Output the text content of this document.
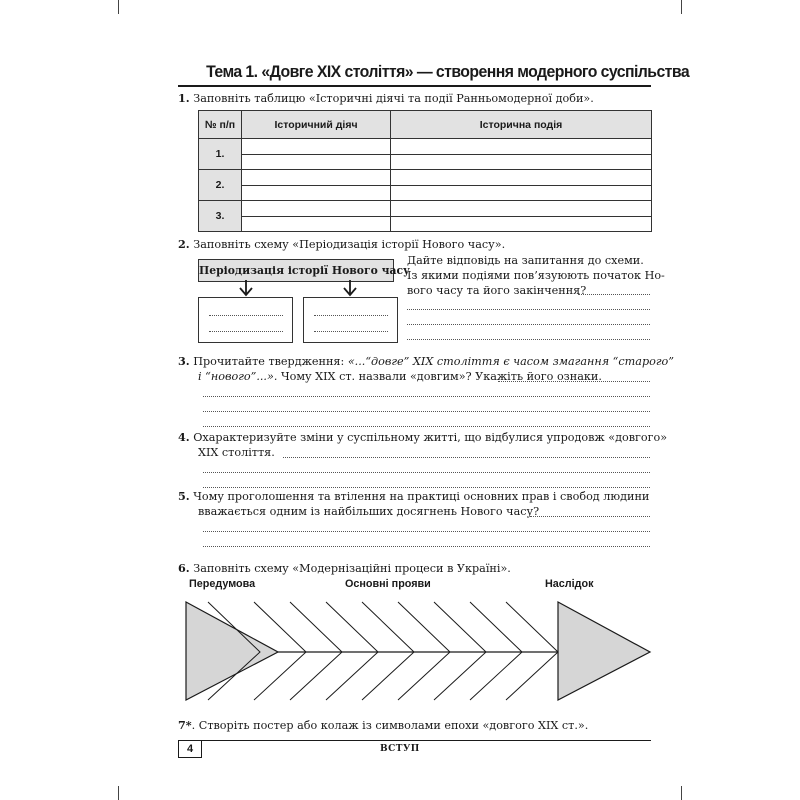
Тема 1. «Довге ХІХ століття» — створення модерного суспільства
1. Заповніть таблицю «Історичні діячі та події Ранньомодерної доби».
№ п/п	Історичний діяч	Історична подія
1.	

2.	

3.	

2. Заповніть схему «Періодизація історії Нового часу».
Періодизація історії Нового часу
Дайте відповідь на запитання до схеми.
Із якими подіями пов’язуюють початок Но-
вого часу та його закінчення?
3. Прочитайте твердження: «...“довге” ХІХ століття є часом змагання “старого”
і “нового”...». Чому ХІХ ст. назвали «довгим»? Укажіть його ознаки.
4. Охарактеризуйте зміни у суспільному житті, що відбулися упродовж «довгого»
ХІХ століття.
5. Чому проголошення та втілення на практиці основних прав і свобод людини
вважається одним із найбільших досягнень Нового часу?
6. Заповніть схему «Модернізаційні процеси в Україні».
Передумова	Основні прояви	Наслідок
7*. Створіть постер або колаж із символами епохи «довгого ХІХ ст.».
4	ВСТУП
